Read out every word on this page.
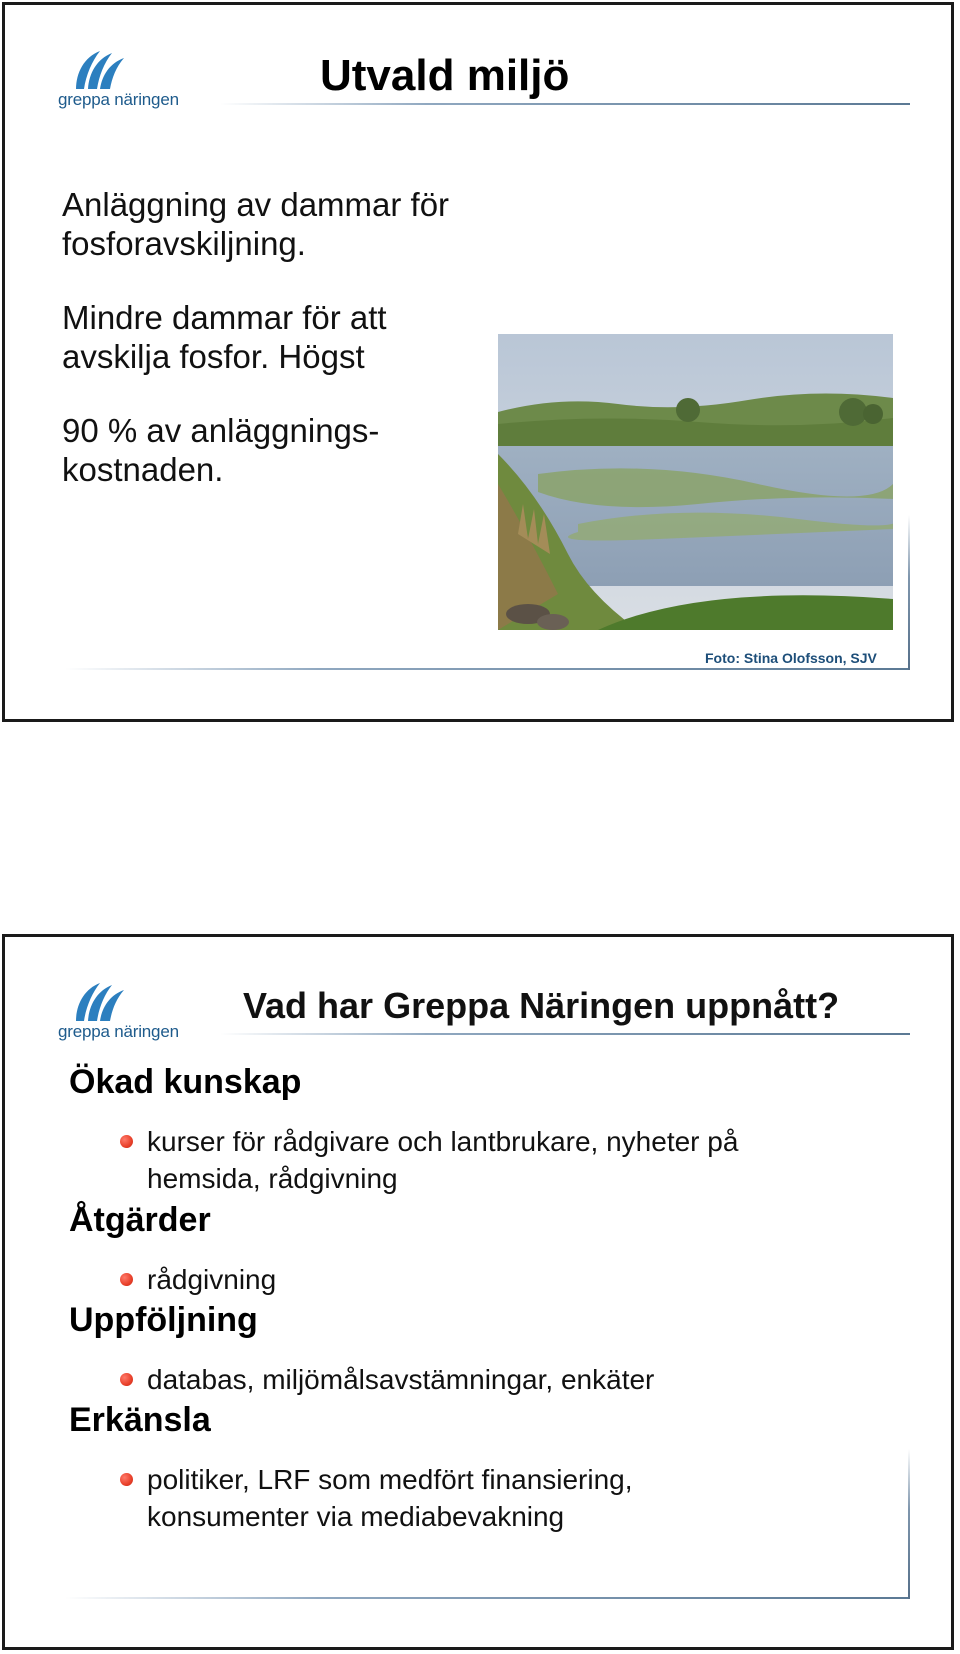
greppa näringen	Utvald miljö
Anläggning av dammar för
fosforavskiljning.
Mindre dammar för att
avskilja fosfor. Högst
90 % av anläggnings-
kostnaden.
Foto: Stina Olofsson, SJV
greppa näringen
Vad har Greppa Näringen uppnått?
Ökad kunskap
kurser för rådgivare och lantbrukare, nyheter på
hemsida, rådgivning
Åtgärder
rådgivning
Uppföljning
databas, miljömålsavstämningar, enkäter
Erkänsla
politiker, LRF som medfört finansiering,
konsumenter via mediabevakning
